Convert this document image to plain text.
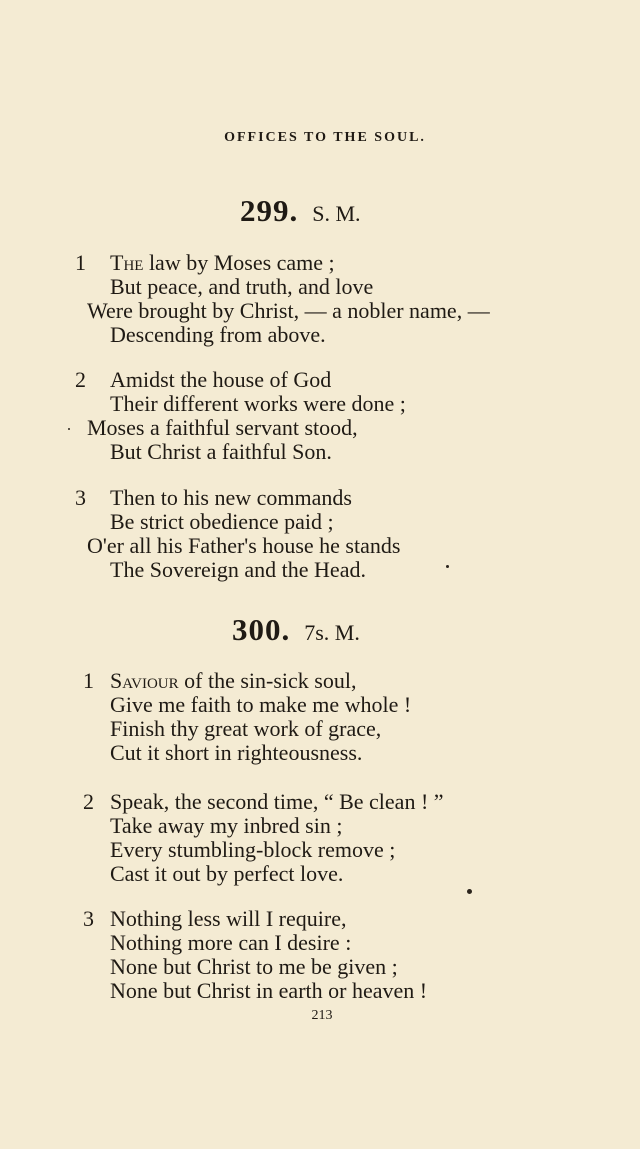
OFFICES TO THE SOUL.
299. S. M.
1 The law by Moses came ;
But peace, and truth, and love
Were brought by Christ, — a nobler name, —
Descending from above.
2 Amidst the house of God
Their different works were done ;
Moses a faithful servant stood,
But Christ a faithful Son.
3 Then to his new commands
Be strict obedience paid ;
O'er all his Father's house he stands
The Sovereign and the Head.
300. 7s. M.
1 Saviour of the sin-sick soul,
Give me faith to make me whole !
Finish thy great work of grace,
Cut it short in righteousness.
2 Speak, the second time, “ Be clean ! ”
Take away my inbred sin ;
Every stumbling-block remove ;
Cast it out by perfect love.
3 Nothing less will I require,
Nothing more can I desire :
None but Christ to me be given ;
None but Christ in earth or heaven !
213
